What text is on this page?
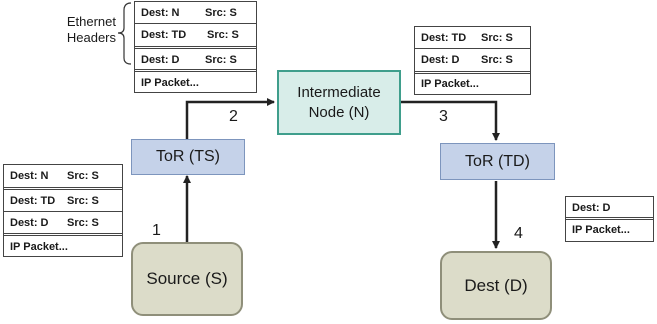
Ethernet
Headers
Dest: N Src: S
Dest: TD Src: S
Dest: D Src: S
IP Packet...
Dest: N Src: S
Dest: TD Src: S
Dest: D Src: S
IP Packet...
Dest: TD Src: S
Dest: D Src: S
IP Packet...
Dest: D
IP Packet...
Intermediate
Node (N)
ToR (TS)	ToR (TD)
Source (S)	Dest (D)
1
2	3
4
